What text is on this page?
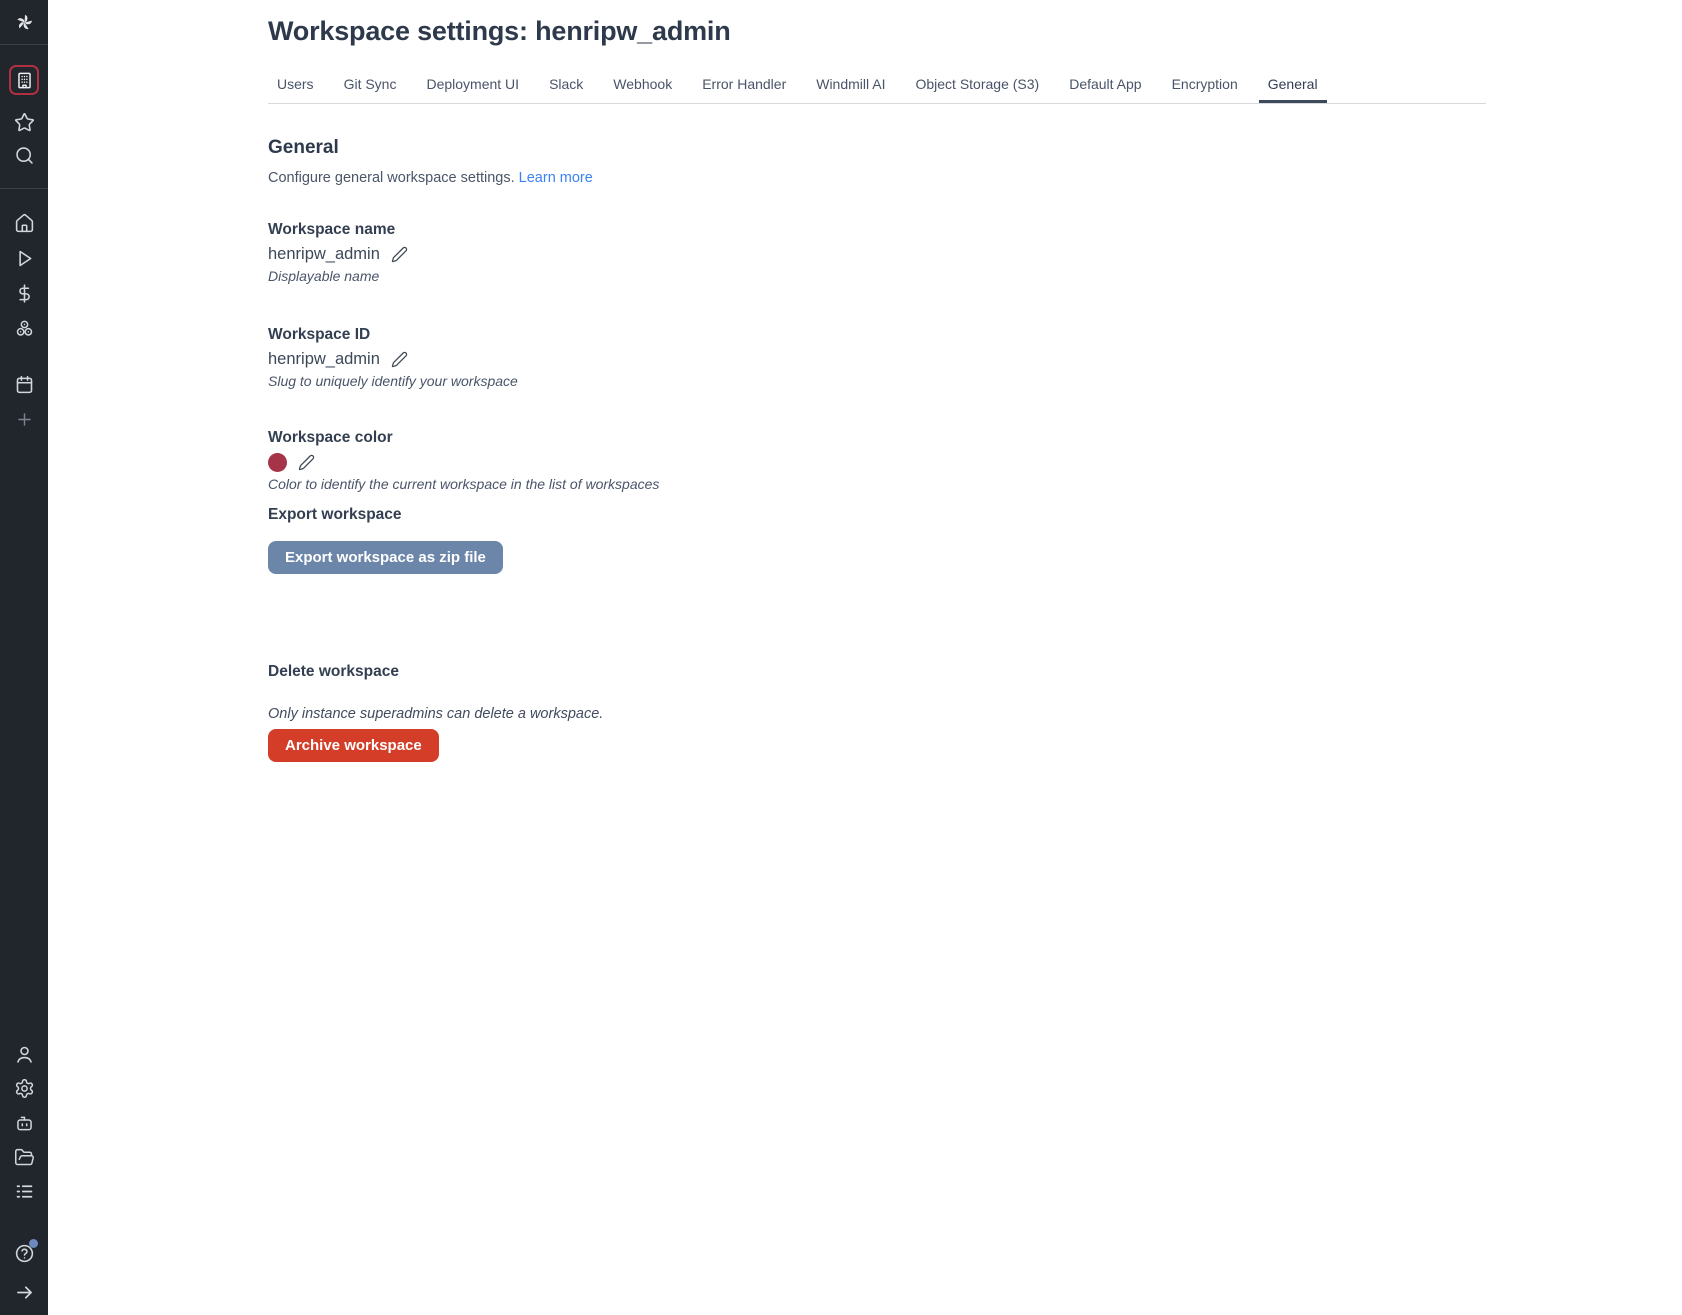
Workspace settings: henripw_admin
Users	Git Sync	Deployment UI	Slack	Webhook	Error Handler	Windmill AI	Object Storage (S3)	Default App	Encryption	General
General
Configure general workspace settings. Learn more
Workspace name
henripw_admin
Displayable name
Workspace ID
henripw_admin
Slug to uniquely identify your workspace
Workspace color
Color to identify the current workspace in the list of workspaces
Export workspace
Export workspace as zip file
Delete workspace
Only instance superadmins can delete a workspace.
Archive workspace
